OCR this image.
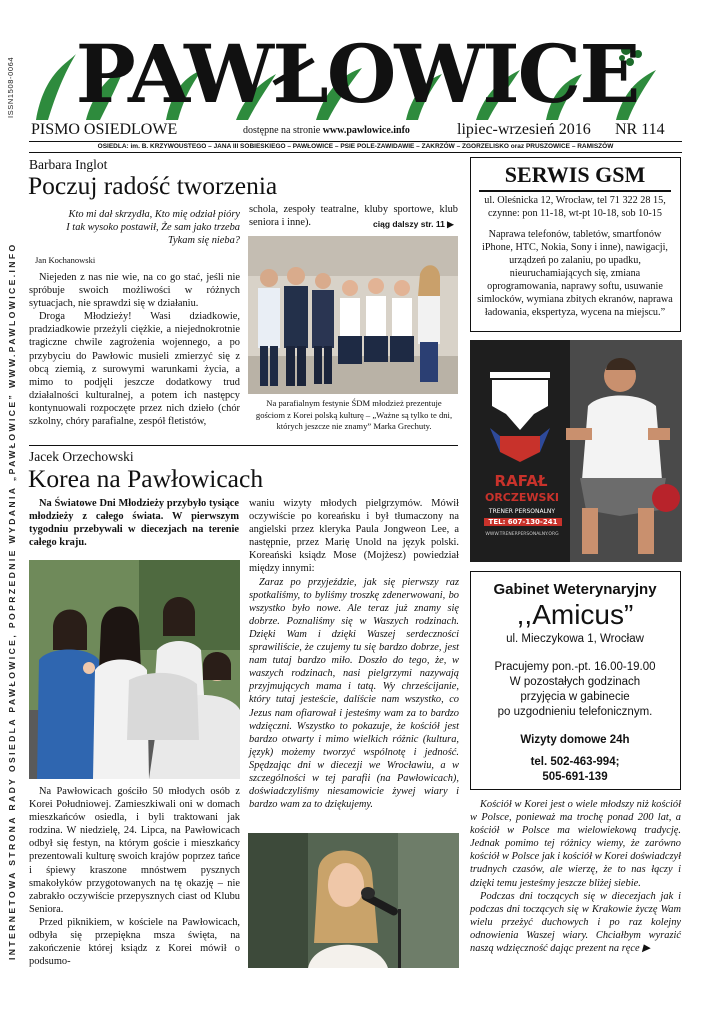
ISSN1508-0064
INTERNETOWA STRONA RADY OSIEDLA PAWŁOWICE, POPRZEDNIE WYDANIA „PAWŁOWICE” WWW.PAWLOWICE.INFO
PAWŁOWICE
PISMO OSIEDLOWE	dostępne na stronie www.pawlowice.info	lipiec-wrzesień 2016 NR 114
OSIEDLA: im. B. KRZYWOUSTEGO – JANA III SOBIESKIEGO – PAWŁOWICE – PSIE POLE-ZAWIDAWIE – ZAKRZÓW – ZGORZELISKO oraz PRUSZOWICE – RAMISZÓW
Barbara Inglot
Poczuj radość tworzenia
Kto mi dał skrzydła, Kto mię odział pióry
I tak wysoko postawił, Że sam jako trzeba
Tykam się nieba?
Jan Kochanowski

Niejeden z nas nie wie, na co go stać, jeśli nie spróbuje swoich możliwości w różnych sytuacjach, nie sprawdzi się w działaniu.

Droga Młodzieży! Wasi dziadkowie, pradziadkowie przeżyli ciężkie, a niejednokrotnie tragiczne chwile zagrożenia wojennego, a po przybyciu do Pawłowic musieli zmierzyć się z obcą ziemią, z surowymi warunkami życia, a mimo to podjęli jeszcze dodatkowy trud działalności kulturalnej, a potem ich następcy kontynuowali rozpoczęte przez nich dzieło (chór szkolny, chóry parafialne, zespół fletistów,

schola, zespoły teatralne, kluby sportowe, klub seniora i inne).	ciąg dalszy str. 11 ▶
Na parafialnym festynie ŚDM młodzież prezentuje gościom z Korei polską kulturę – „Ważne są tylko te dni, których jeszcze nie znamy” Marka Grechuty.
SERWIS GSM
ul. Oleśnicka 12, Wrocław, tel 71 322 28 15,
czynne: pon 11-18, wt-pt 10-18, sob 10-15
Naprawa telefonów, tabletów, smartfonów iPhone, HTC, Nokia, Sony i inne), nawigacji, urządzeń po zalaniu, po upadku, nieuruchamiających się, zmiana oprogramowania, naprawy softu, usuwanie simlocków, wymiana zbitych ekranów, naprawa ładowania, ekspertyza, wycena na miejscu.”
RAFAŁ
ORCZEWSKI
TRENER PERSONALNY
TEL: 607-130-241
WWW.TRENERPERSONALNY.ORG
Gabinet Weterynaryjny
,,Amicus”
ul. Mieczykowa 1, Wrocław
Pracujemy pon.-pt. 16.00-19.00
W pozostałych godzinach
przyjęcia w gabinecie
po uzgodnieniu telefonicznym.
Wizyty domowe 24h
tel. 502-463-994;
505-691-139
Jacek Orzechowski
Korea na Pawłowicach
Na Światowe Dni Młodzieży przybyło tysiące młodzieży z całego świata. W pierwszym tygodniu przebywali w diecezjach na terenie całego kraju.

Na Pawłowicach gościło 50 młodych osób z Korei Południowej. Zamieszkiwali oni w domach mieszkańców osiedla, i byli traktowani jak rodzina. W niedzielę, 24. Lipca, na Pawłowicach odbył się festyn, na którym goście i mieszkańcy prezentowali kulturę swoich krajów poprzez tańce i śpiewy kraszone mnóstwem pysznych smakołyków przygotowanych na tę okazję – nie zabrakło oczywiście przepysznych ciast od Klubu Seniora.

Przed piknikiem, w kościele na Pawłowicach, odbyła się przepiękna msza święta, na zakończenie której ksiądz z Korei mówił o podsumo-

waniu wizyty młodych pielgrzymów. Mówił oczywiście po koreańsku i był tłumaczony na angielski przez kleryka Paula Jongweon Lee, a następnie, przez Marię Unold na język polski. Koreański ksiądz Mose (Mojżesz) powiedział między innymi:

Zaraz po przyjeździe, jak się pierwszy raz spotkaliśmy, to byliśmy troszkę zdenerwowani, bo wszystko było nowe. Ale teraz już znamy się dobrze. Poznaliśmy się w Waszych rodzinach. Dzięki Wam i dzięki Waszej serdeczności sprawiliście, że czujemy tu się bardzo dobrze, jest nam tutaj bardzo miło. Doszło do tego, że, w waszych rodzinach, nasi pielgrzymi nazywają przyjmujących mama i tatą. Wy chrześcijanie, który tutaj jesteście, dalíście nam wszystko, co Jezus nam ofiarował i jesteśmy wam za to bardzo wdzięczni. Wszystko to pokazuje, że kościół jest bardzo otwarty i mimo wielkich różnic (kultura, język) możemy tworzyć wspólnotę i jedność. Spędzając dni w diecezji we Wrocławiu, a w szczególności w tej parafii (na Pawłowicach), doświadczyliśmy niesamowicie żywej wiary i bardzo wam za to dziękujemy.	Kościół w Korei jest o wiele młodszy niż kościół w Polsce, ponieważ ma trochę ponad 200 lat, a kościół w Polsce ma wielowiekową tradycję. Jednak pomimo tej różnicy wiemy, że zarówno kościół w Polsce jak i kościół w Korei doświadczył trudnych czasów, ale wierzę, że to nas łączy i dzięki temu jesteśmy jeszcze bliżej siebie.

Podczas dni toczących się w diecezjach jak i podczas dni toczących się w Krakowie życzę Wam wielu przeżyć duchowych i po raz kolejny odnowienia Waszej wiary. Chciałbym wyrazić naszą wdzięczność dając prezent na ręce ▶
